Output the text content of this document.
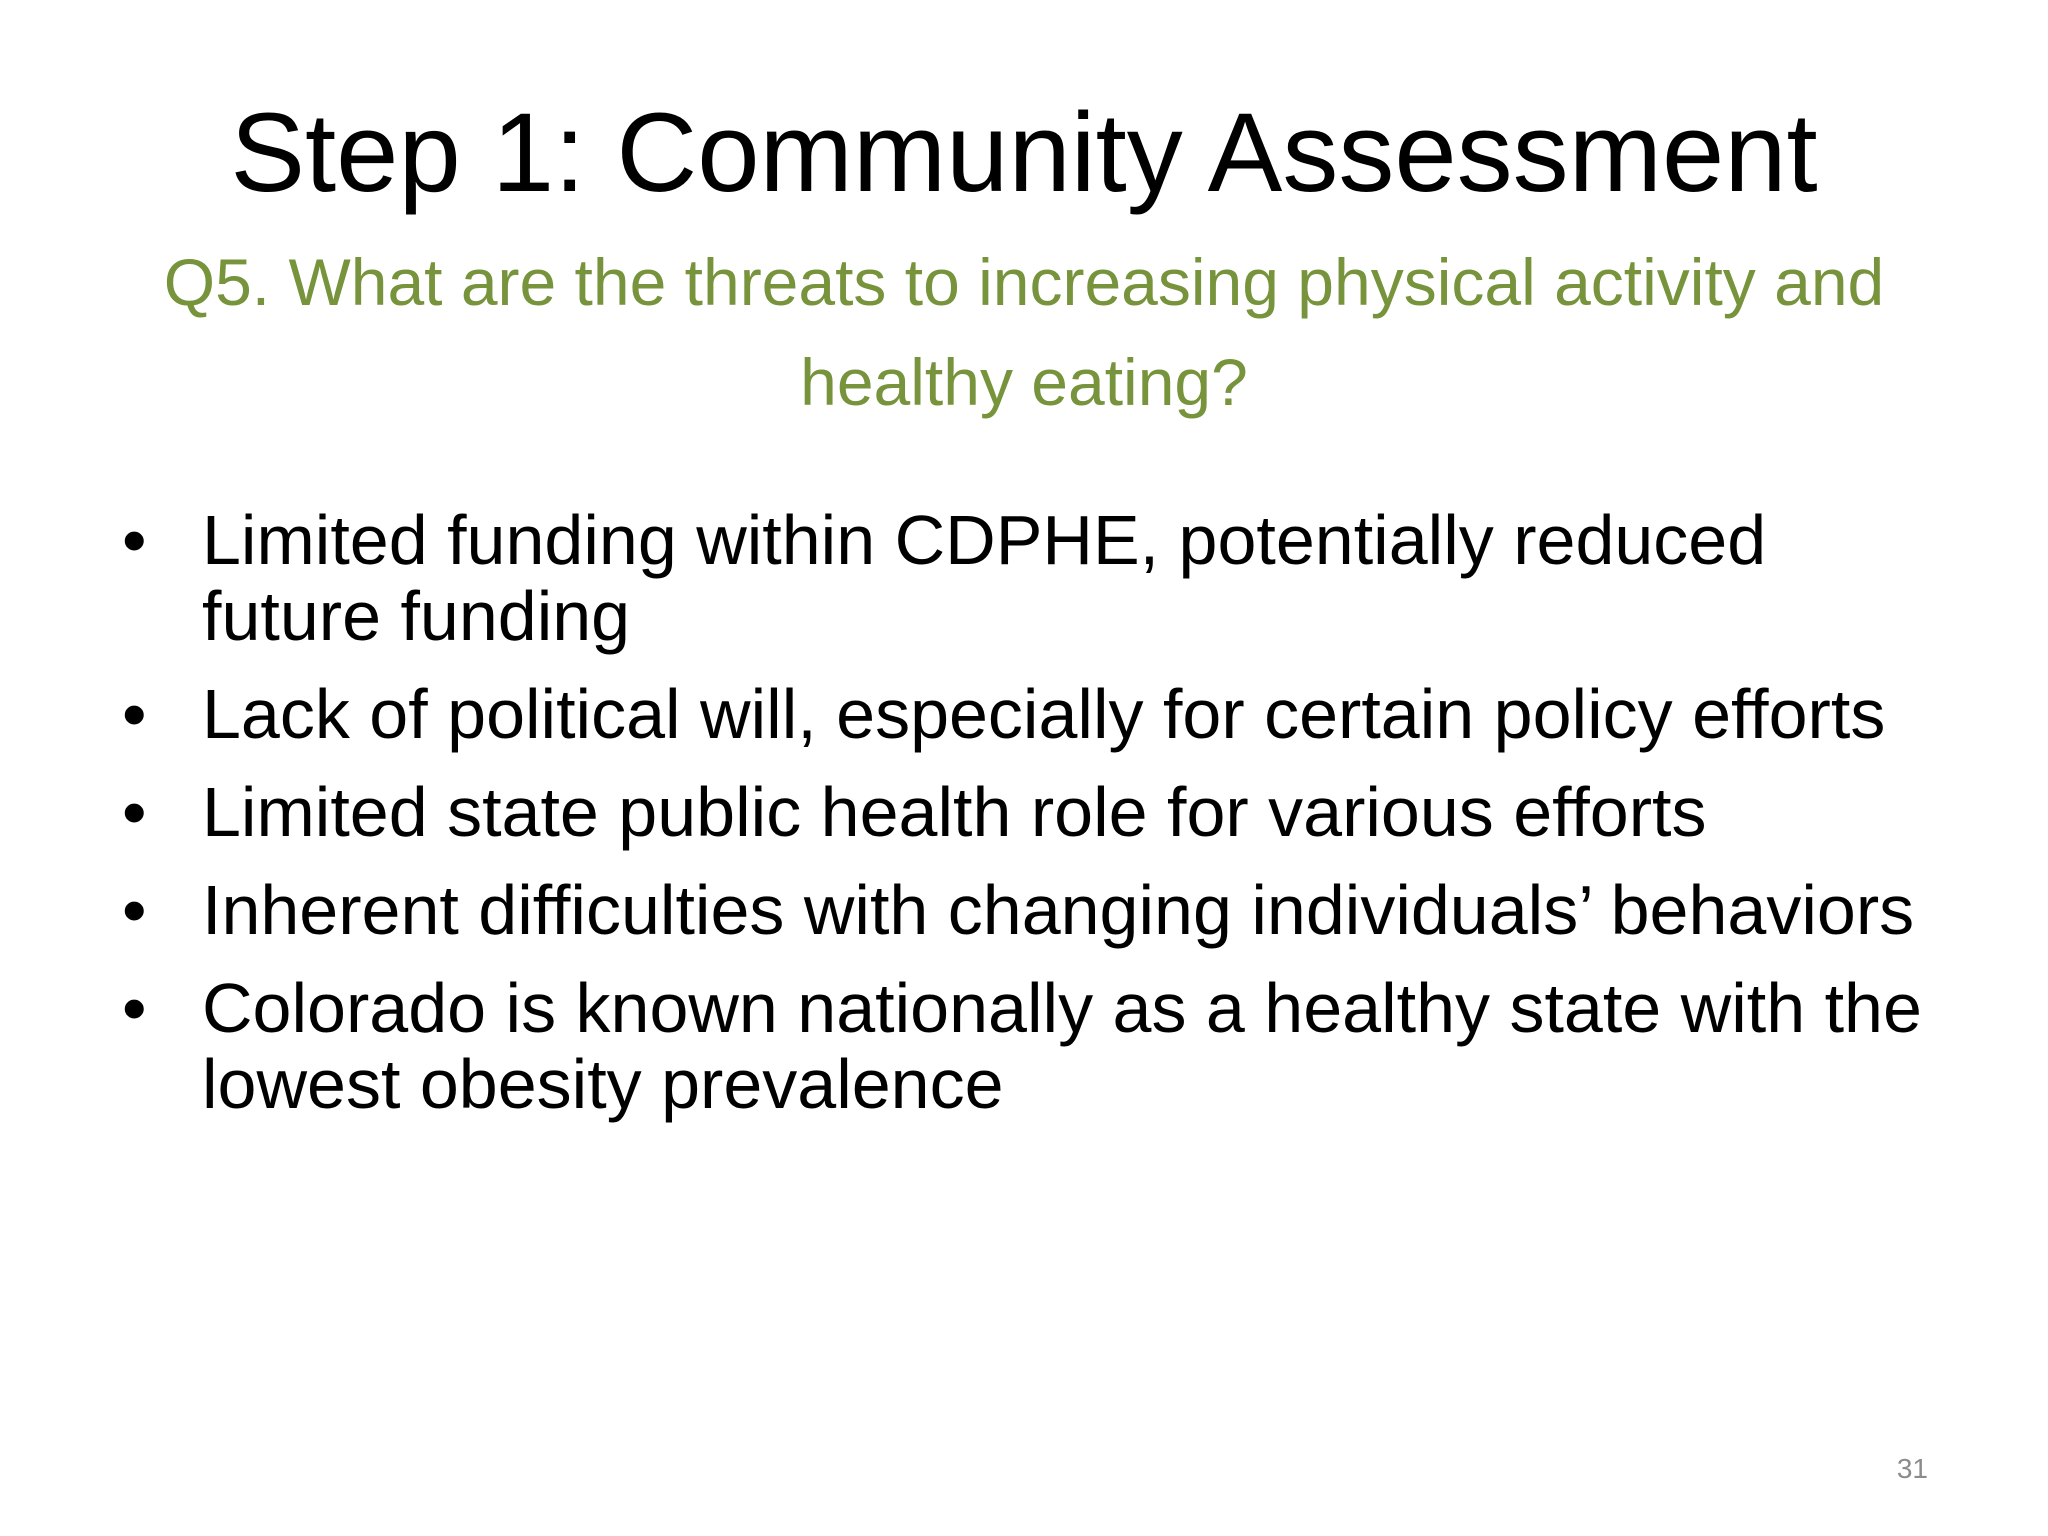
Step 1: Community Assessment

Q5. What are the threats to increasing physical activity and healthy eating?

• Limited funding within CDPHE, potentially reduced future funding
• Lack of political will, especially for certain policy efforts
• Limited state public health role for various efforts
• Inherent difficulties with changing individuals’ behaviors
• Colorado is known nationally as a healthy state with the lowest obesity prevalence
31
